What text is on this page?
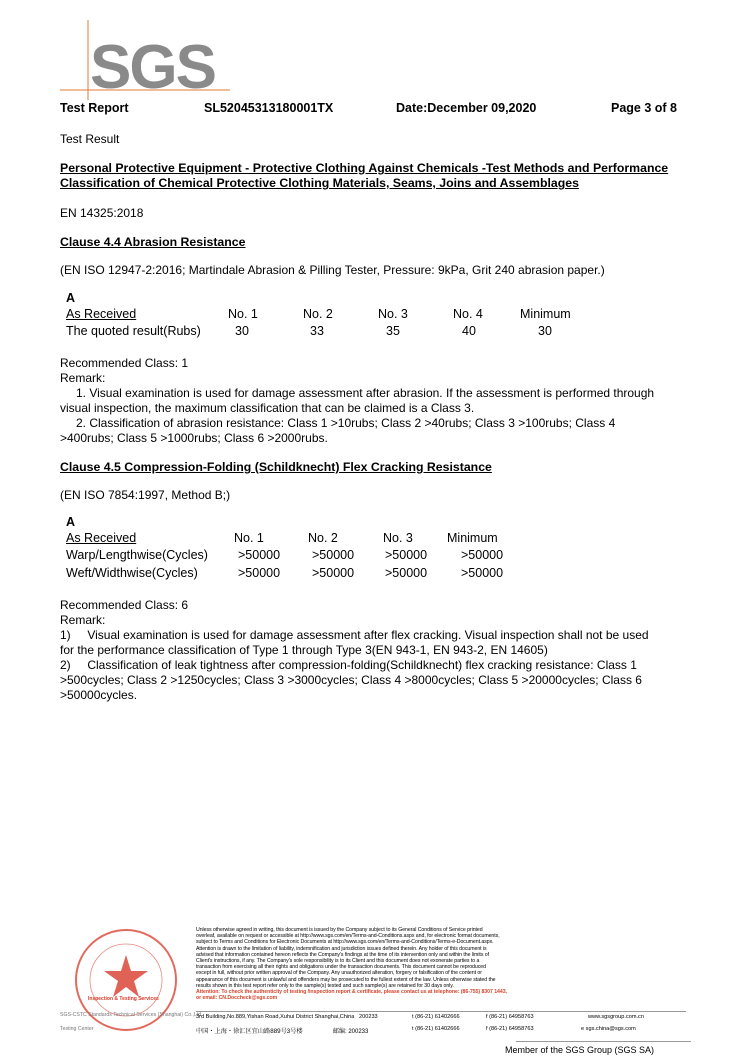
SGS
Test Report	SL52045313180001TX	Date:December 09,2020	Page 3 of 8
Test Result
Personal Protective Equipment - Protective Clothing Against Chemicals -Test Methods and Performance
Classification of Chemical Protective Clothing Materials, Seams, Joins and Assemblages
EN 14325:2018
Clause 4.4 Abrasion Resistance
(EN ISO 12947-2:2016; Martindale Abrasion & Pilling Tester, Pressure: 9kPa, Grit 240 abrasion paper.)
A
As Received	No. 1	No. 2	No. 3	No. 4	Minimum
The quoted result(Rubs)	30	33	35	40	30
Recommended Class: 1
Remark:
1. Visual examination is used for damage assessment after abrasion. If the assessment is performed through
visual inspection, the maximum classification that can be claimed is a Class 3.
2. Classification of abrasion resistance: Class 1 >10rubs; Class 2 >40rubs; Class 3 >100rubs; Class 4
>400rubs; Class 5 >1000rubs; Class 6 >2000rubs.
Clause 4.5 Compression-Folding (Schildknecht) Flex Cracking Resistance
(EN ISO 7854:1997, Method B;)
A
As Received	No. 1	No. 2	No. 3	Minimum
Warp/Lengthwise(Cycles) >50000	>50000 >50000	>50000
Weft/Widthwise(Cycles)	>50000	>50000 >50000	>50000
Recommended Class: 6
Remark:
1)     Visual examination is used for damage assessment after flex cracking. Visual inspection shall not be used
for the performance classification of Type 1 through Type 3(EN 943-1, EN 943-2, EN 14605)
2)     Classification of leak tightness after compression-folding(Schildknecht) flex cracking resistance: Class 1
>500cycles; Class 2 >1250cycles; Class 3 >3000cycles; Class 4 >8000cycles; Class 5 >20000cycles; Class 6
>50000cycles.
Inspection & Testing Services
SGS-CSTC Standards Technical Services (Shanghai) Co.,Ltd.
Testing Center
Unless otherwise agreed in writing, this document is issued by the Company subject to its General Conditions of Service printed
overleaf, available on request or accessible at http://www.sgs.com/en/Terms-and-Conditions.aspx and, for electronic format documents,
subject to Terms and Conditions for Electronic Documents at http://www.sgs.com/en/Terms-and-Conditions/Terms-e-Document.aspx.
Attention is drawn to the limitation of liability, indemnification and jurisdiction issues defined therein. Any holder of this document is
advised that information contained hereon reflects the Company's findings at the time of its intervention only and within the limits of
Client's instructions, if any. The Company's sole responsibility is to its Client and this document does not exonerate parties to a
transaction from exercising all their rights and obligations under the transaction documents. This document cannot be reproduced
except in full, without prior written approval of the Company. Any unauthorized alteration, forgery or falsification of the content or
appearance of this document is unlawful and offenders may be prosecuted to the fullest extent of the law. Unless otherwise stated the
results shown in this test report refer only to the sample(s) tested and such sample(s) are retained for 30 days only.
Attention: To check the authenticity of testing /inspection report & certificate, please contact us at telephone: (86-755) 8307 1443,
or email: CN.Doccheck@sgs.com
3rd Building,No.889,Yishan Road,Xuhui District Shanghai,China 200233	t (86-21) 61402666	f (86-21) 64958763	www.sgsgroup.com.cn
中国・上海・徐汇区宜山路889号3号楼	邮编: 200233	t (86-21) 61402666	f (86-21) 64958763	e sgs.china@sgs.com
Member of the SGS Group (SGS SA)
